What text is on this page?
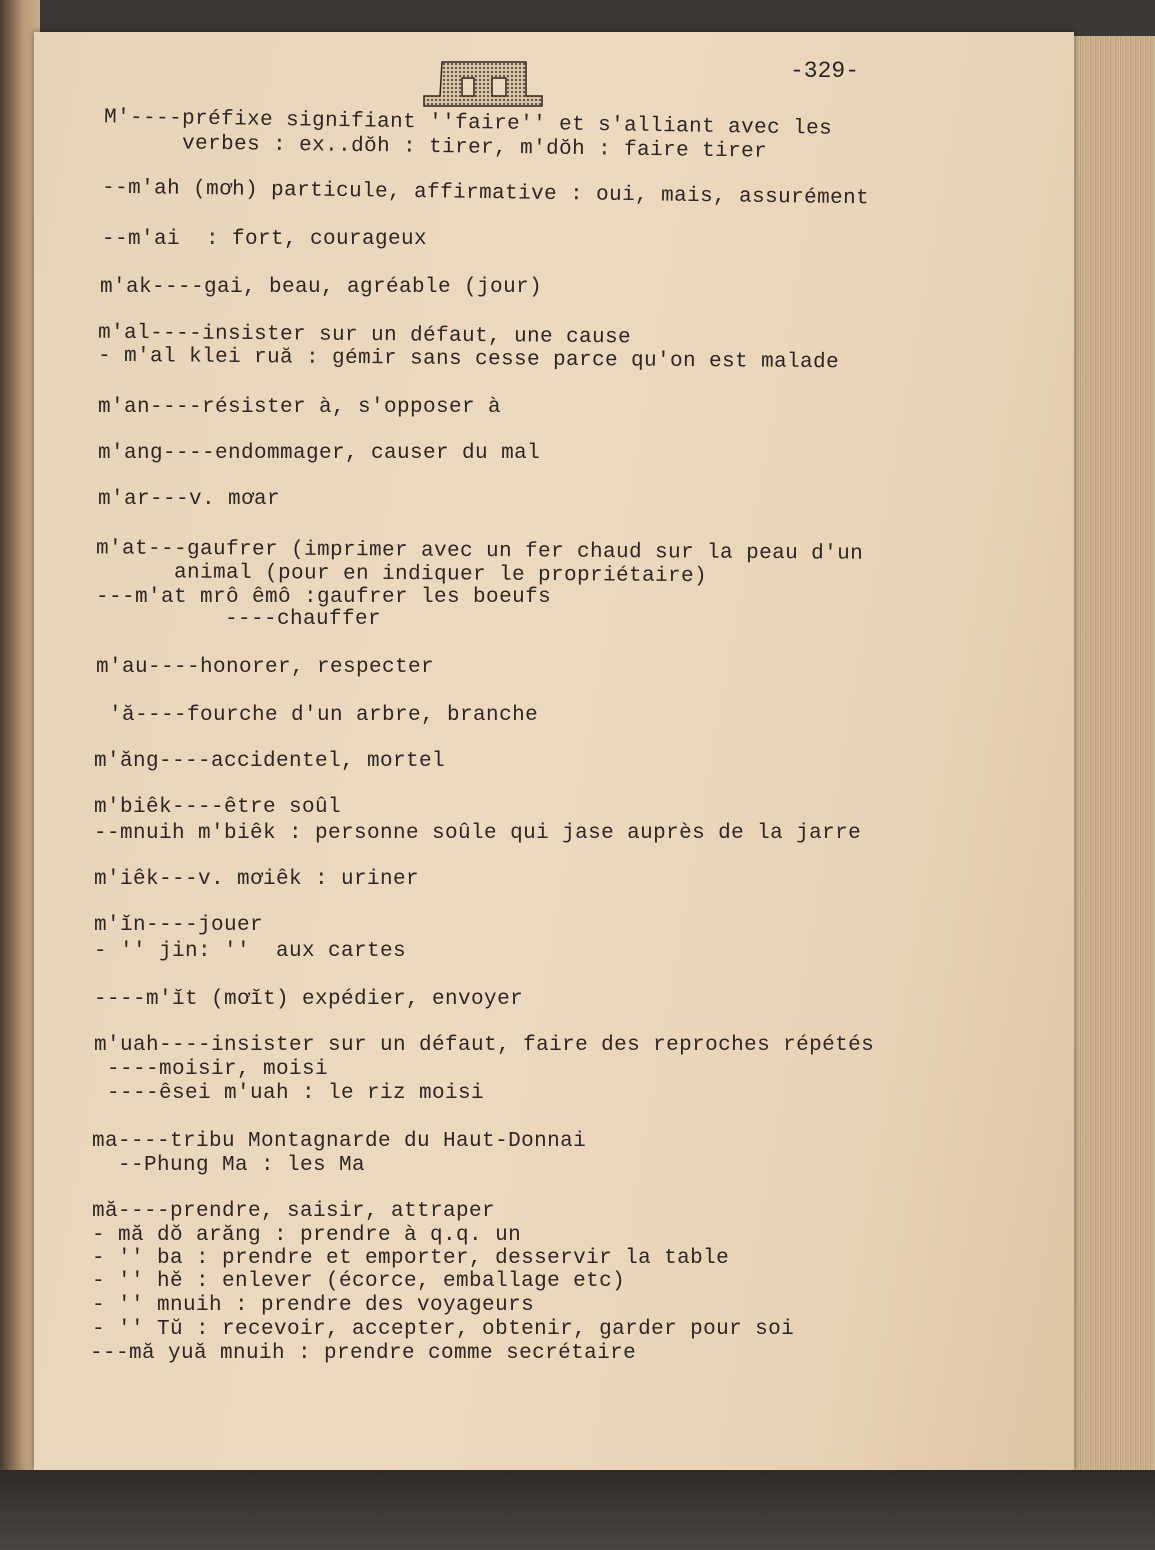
-329-
M'----préfixe signifiant ''faire'' et s'alliant avec les
verbes : ex..dŏh : tirer, m'dŏh : faire tirer
--m'ah (mơh) particule, affirmative : oui, mais, assurément
--m'ai  : fort, courageux
m'ak----gai, beau, agréable (jour)
m'al----insister sur un défaut, une cause
- m'al klei ruă : gémir sans cesse parce qu'on est malade
m'an----résister à, s'opposer à
m'ang----endommager, causer du mal
m'ar---v. mơar
m'at---gaufrer (imprimer avec un fer chaud sur la peau d'un
animal (pour en indiquer le propriétaire)
---m'at mrô êmô :gaufrer les boeufs
----chauffer
m'au----honorer, respecter
'ă----fourche d'un arbre, branche
m'ăng----accidentel, mortel
m'biêk----être soûl
--mnuih m'biêk : personne soûle qui jase auprès de la jarre
m'iêk---v. mơiêk : uriner
m'ĭn----jouer
- '' jin: ''  aux cartes
----m'ĭt (mơĭt) expédier, envoyer
m'uah----insister sur un défaut, faire des reproches répétés
----moisir, moisi
----êsei m'uah : le riz moisi
ma----tribu Montagnarde du Haut-Donnai
--Phung Ma : les Ma
mă----prendre, saisir, attraper
- mă dŏ arăng : prendre à q.q. un
- '' ba : prendre et emporter, desservir la table
- '' hĕ : enlever (écorce, emballage etc)
- '' mnuih : prendre des voyageurs
- '' Tŭ : recevoir, accepter, obtenir, garder pour soi
---mă yuă mnuih : prendre comme secrétaire
